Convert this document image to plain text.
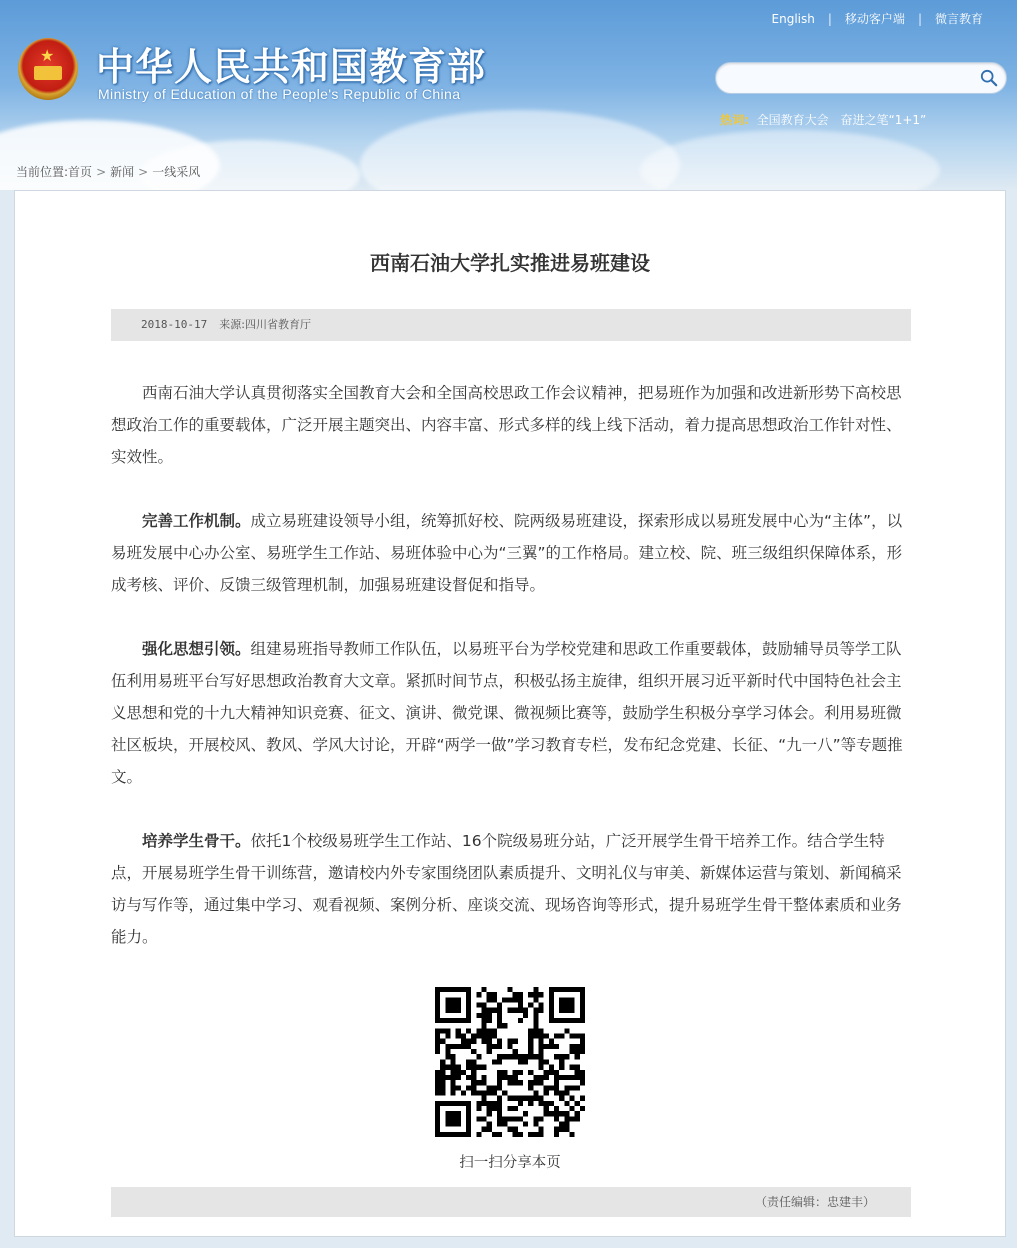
★ 中华人民共和国教育部
Ministry of Education of the People's Republic of China
English | 移动客户端 | 微言教育
热词: 全国教育大会 奋进之笔“1+1”
当前位置:首页 > 新闻 > 一线采风
西南石油大学扎实推进易班建设
2018-10-17 来源:四川省教育厅

西南石油大学认真贯彻落实全国教育大会和全国高校思政工作会议精神，把易班作为加强和改进新形势下高校思想政治工作的重要载体，广泛开展主题突出、内容丰富、形式多样的线上线下活动，着力提高思想政治工作针对性、实效性。

完善工作机制。成立易班建设领导小组，统筹抓好校、院两级易班建设，探索形成以易班发展中心为“主体”，以易班发展中心办公室、易班学生工作站、易班体验中心为“三翼”的工作格局。建立校、院、班三级组织保障体系，形成考核、评价、反馈三级管理机制，加强易班建设督促和指导。

强化思想引领。组建易班指导教师工作队伍，以易班平台为学校党建和思政工作重要载体，鼓励辅导员等学工队伍利用易班平台写好思想政治教育大文章。紧抓时间节点，积极弘扬主旋律，组织开展习近平新时代中国特色社会主义思想和党的十九大精神知识竞赛、征文、演讲、微党课、微视频比赛等，鼓励学生积极分享学习体会。利用易班微社区板块，开展校风、教风、学风大讨论，开辟“两学一做”学习教育专栏，发布纪念党建、长征、“九一八”等专题推文。

培养学生骨干。依托1个校级易班学生工作站、16个院级易班分站，广泛开展学生骨干培养工作。结合学生特点，开展易班学生骨干训练营，邀请校内外专家围绕团队素质提升、文明礼仪与审美、新媒体运营与策划、新闻稿采访与写作等，通过集中学习、观看视频、案例分析、座谈交流、现场咨询等形式，提升易班学生骨干整体素质和业务能力。

扫一扫分享本页
（责任编辑：忠建丰）
